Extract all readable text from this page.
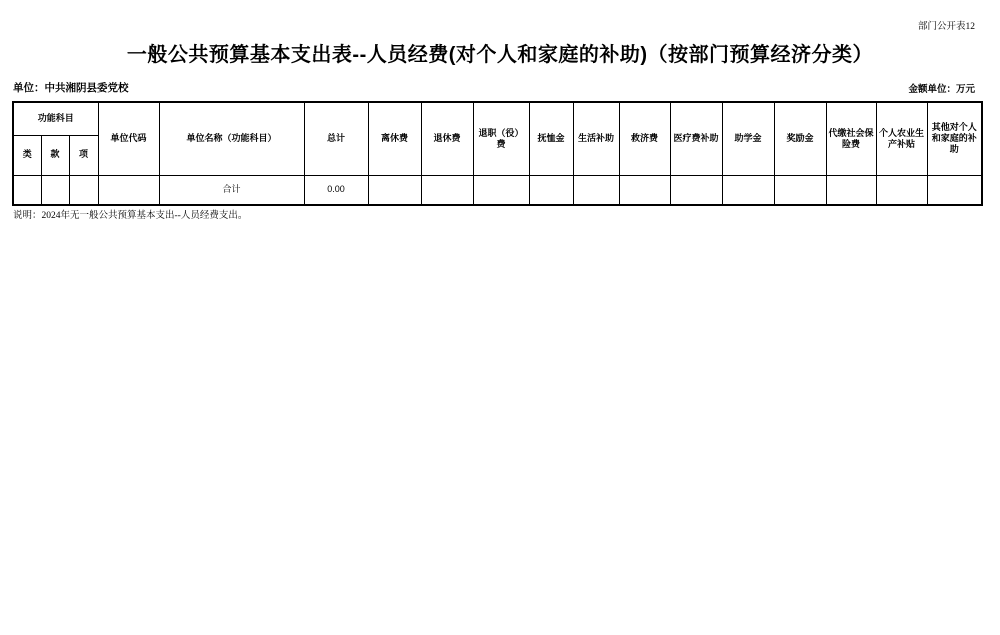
部门公开表12
一般公共预算基本支出表--人员经费(对个人和家庭的补助)（按部门预算经济分类）
单位：中共湘阴县委党校	金额单位：万元
功能科目			单位代码	单位名称（功能科目）	总计	离休费	退休费	退职（役）费	抚恤金	生活补助	救济费	医疗费补助	助学金	奖励金	代缴社会保险费	个人农业生产补贴	其他对个人和家庭的补助
类	款	项															
				合计	0.00												
说明：2024年无一般公共预算基本支出--人员经费支出。
